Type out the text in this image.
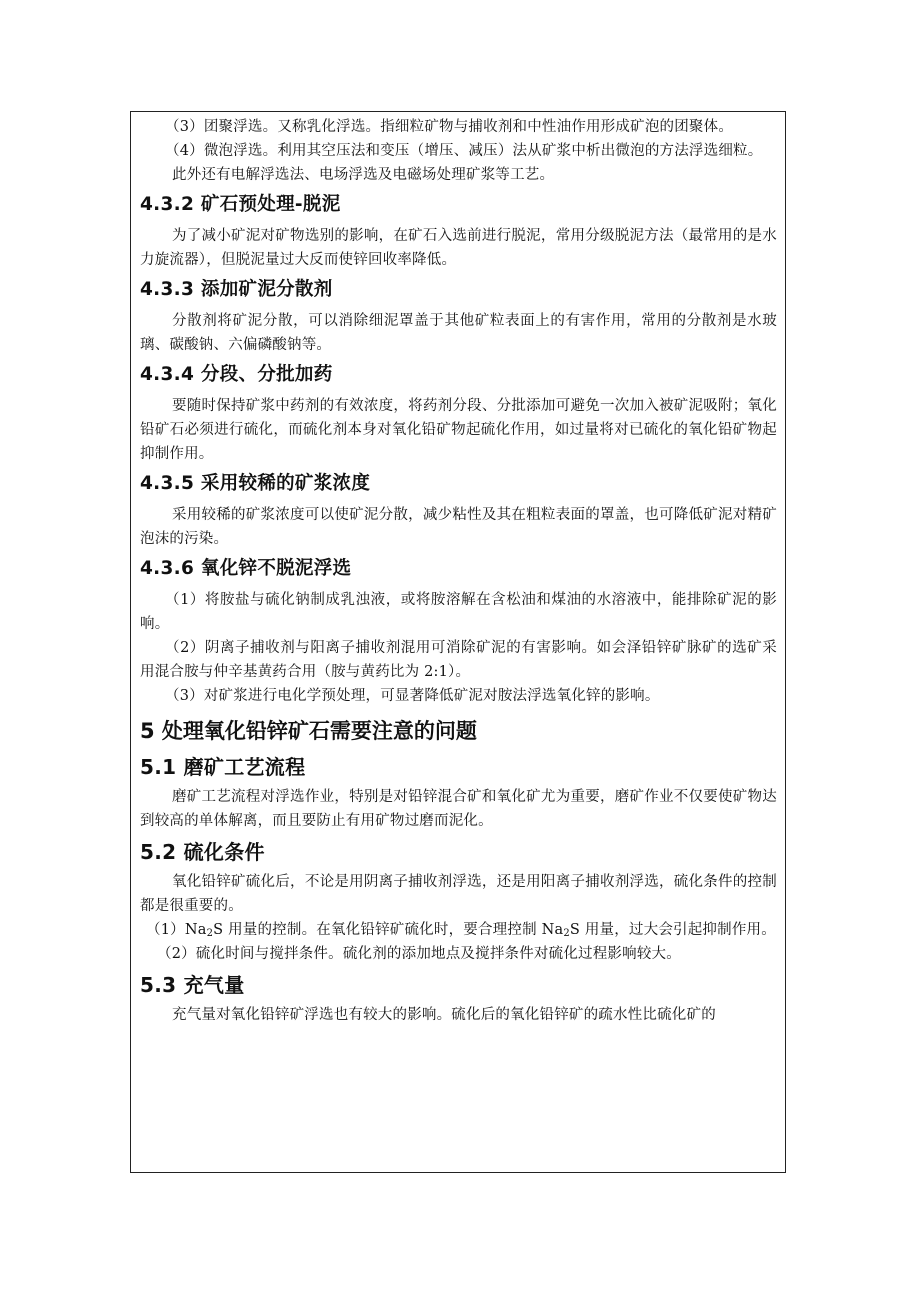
（3）团聚浮选。又称乳化浮选。指细粒矿物与捕收剂和中性油作用形成矿泡的团聚体。

（4）微泡浮选。利用其空压法和变压（增压、减压）法从矿浆中析出微泡的方法浮选细粒。

此外还有电解浮选法、电场浮选及电磁场处理矿浆等工艺。

4.3.2 矿石预处理-脱泥

为了减小矿泥对矿物选别的影响，在矿石入选前进行脱泥，常用分级脱泥方法（最常用的是水力旋流器），但脱泥量过大反而使锌回收率降低。

4.3.3 添加矿泥分散剂

分散剂将矿泥分散，可以消除细泥罩盖于其他矿粒表面上的有害作用，常用的分散剂是水玻璃、碳酸钠、六偏磷酸钠等。

4.3.4 分段、分批加药

要随时保持矿浆中药剂的有效浓度，将药剂分段、分批添加可避免一次加入被矿泥吸附；氧化铅矿石必须进行硫化，而硫化剂本身对氧化铅矿物起硫化作用，如过量将对已硫化的氧化铅矿物起抑制作用。

4.3.5 采用较稀的矿浆浓度

采用较稀的矿浆浓度可以使矿泥分散，减少粘性及其在粗粒表面的罩盖，也可降低矿泥对精矿泡沫的污染。

4.3.6 氧化锌不脱泥浮选

（1）将胺盐与硫化钠制成乳浊液，或将胺溶解在含松油和煤油的水溶液中，能排除矿泥的影响。

（2）阴离子捕收剂与阳离子捕收剂混用可消除矿泥的有害影响。如会泽铅锌矿脉矿的选矿采用混合胺与仲辛基黄药合用（胺与黄药比为 2:1）。

（3）对矿浆进行电化学预处理，可显著降低矿泥对胺法浮选氧化锌的影响。

5 处理氧化铅锌矿石需要注意的问题
5.1 磨矿工艺流程

磨矿工艺流程对浮选作业，特别是对铅锌混合矿和氧化矿尤为重要，磨矿作业不仅要使矿物达到较高的单体解离，而且要防止有用矿物过磨而泥化。

5.2 硫化条件

氧化铅锌矿硫化后，不论是用阴离子捕收剂浮选，还是用阳离子捕收剂浮选，硫化条件的控制都是很重要的。

$(1)Na_2S$ 用量的控制。在氧化铅锌矿硫化时，要合理控制 $Na_2S$ 用量，过大会引起抑制作用。

（2）硫化时间与搅拌条件。硫化剂的添加地点及搅拌条件对硫化过程影响较大。

5.3 充气量

充气量对氧化铅锌矿浮选也有较大的影响。硫化后的氧化铅锌矿的疏水性比硫化矿的
